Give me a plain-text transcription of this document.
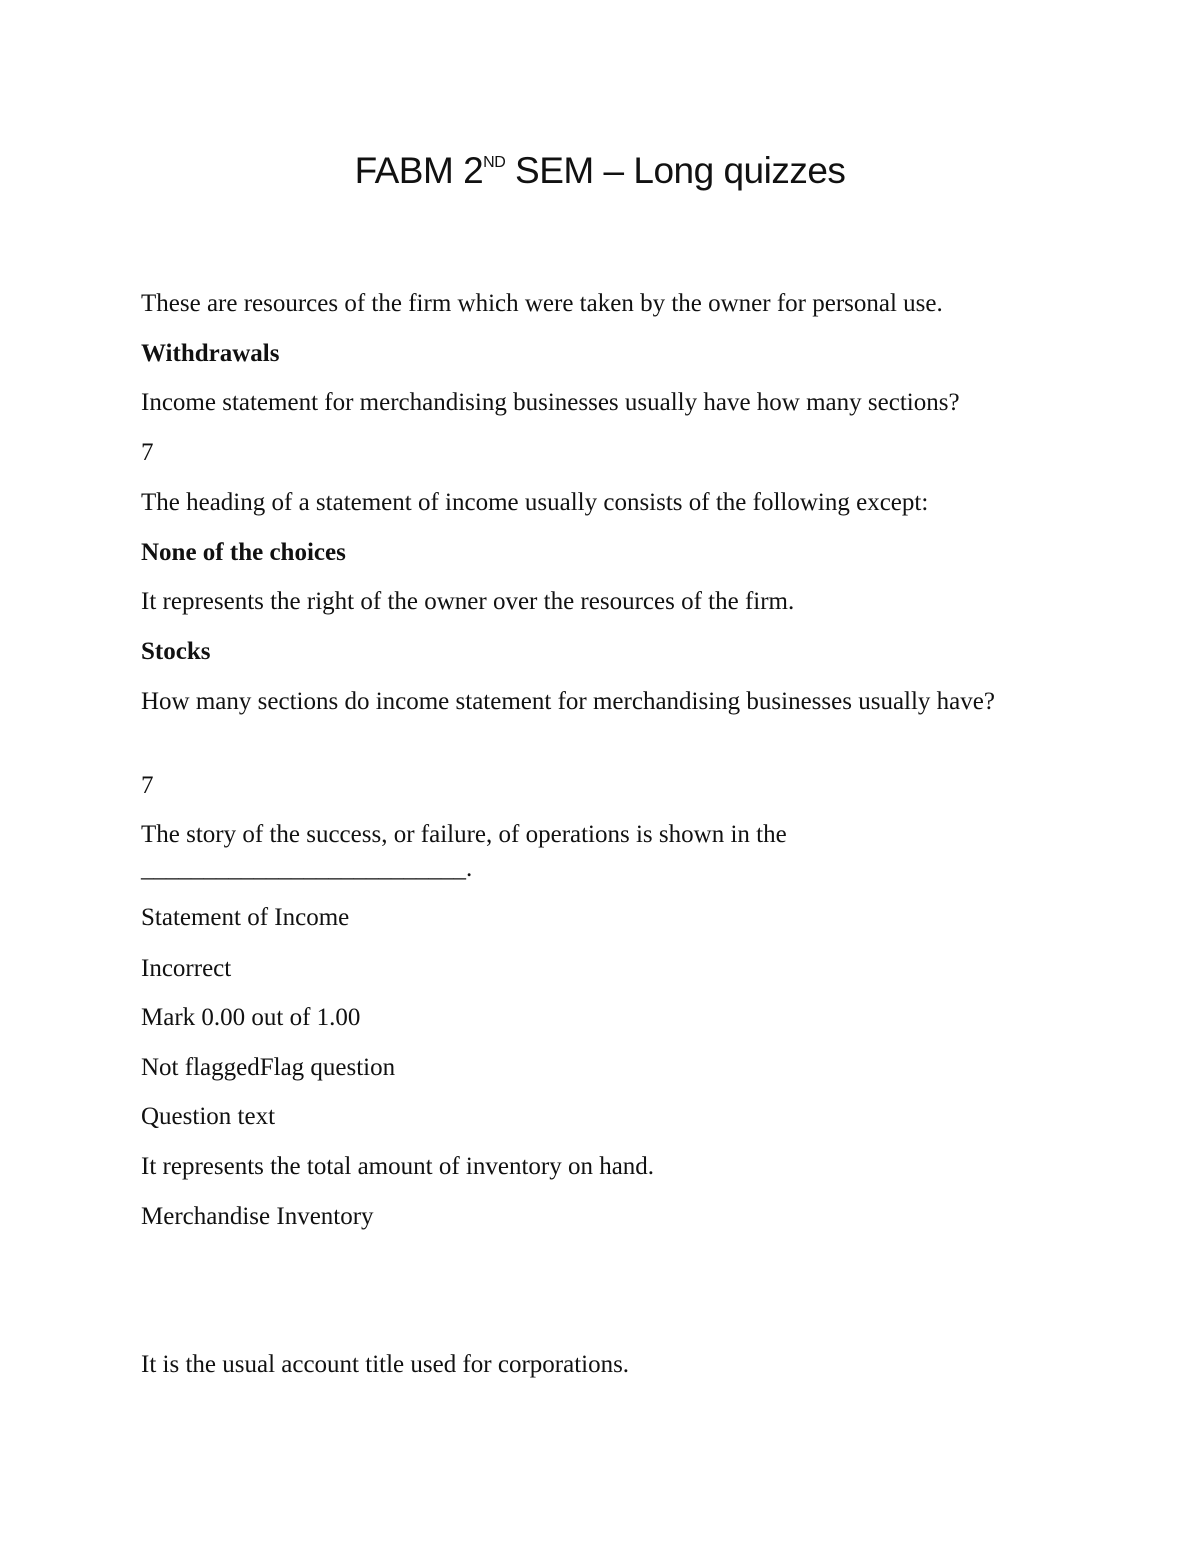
FABM 2ND SEM – Long quizzes
These are resources of the firm which were taken by the owner for personal use.
Withdrawals
Income statement for merchandising businesses usually have how many sections?
7
The heading of a statement of income usually consists of the following except:
None of the choices
It represents the right of the owner over the resources of the firm.
Stocks
How many sections do income statement for merchandising businesses usually have?
7
The story of the success, or failure, of operations is shown in the __________________________.
Statement of Income
Incorrect
Mark 0.00 out of 1.00
Not flaggedFlag question
Question text
It represents the total amount of inventory on hand.
Merchandise Inventory
It is the usual account title used for corporations.
